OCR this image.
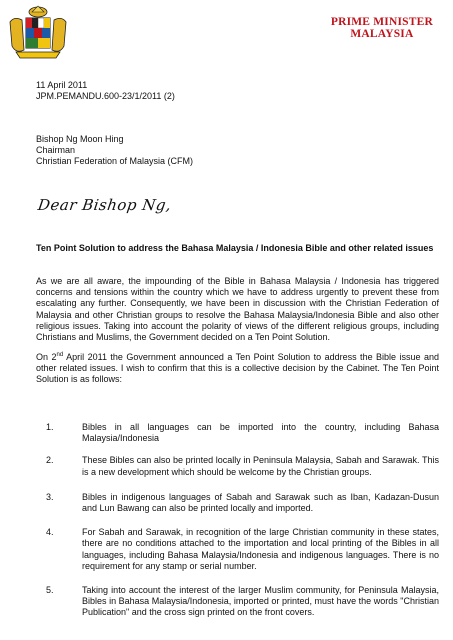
PRIME MINISTER
MALAYSIA
11 April 2011
JPM.PEMANDU.600-23/1/2011 (2)
Bishop Ng Moon Hing
Chairman
Christian Federation of Malaysia (CFM)
Dear Bishop Ng,
Ten Point Solution to address the Bahasa Malaysia / Indonesia Bible and other related issues

As we are all aware, the impounding of the Bible in Bahasa Malaysia / Indonesia has triggered concerns and tensions within the country which we have to address urgently to prevent these from escalating any further. Consequently, we have been in discussion with the Christian Federation of Malaysia and other Christian groups to resolve the Bahasa Malaysia/Indonesia Bible and also other religious issues. Taking into account the polarity of views of the different religious groups, including Christians and Muslims, the Government decided on a Ten Point Solution.

On 2nd April 2011 the Government announced a Ten Point Solution to address the Bible issue and other related issues. I wish to confirm that this is a collective decision by the Cabinet. The Ten Point Solution is as follows:

1.	Bibles in all languages can be imported into the country, including Bahasa Malaysia/Indonesia
2.	These Bibles can also be printed locally in Peninsula Malaysia, Sabah and Sarawak. This is a new development which should be welcome by the Christian groups.
3.	Bibles in indigenous languages of Sabah and Sarawak such as Iban, Kadazan-Dusun and Lun Bawang can also be printed locally and imported.
4.	For Sabah and Sarawak, in recognition of the large Christian community in these states, there are no conditions attached to the importation and local printing of the Bibles in all languages, including Bahasa Malaysia/Indonesia and indigenous languages. There is no requirement for any stamp or serial number.
5.	Taking into account the interest of the larger Muslim community, for Peninsula Malaysia, Bibles in Bahasa Malaysia/Indonesia, imported or printed, must have the words "Christian Publication" and the cross sign printed on the front covers.
